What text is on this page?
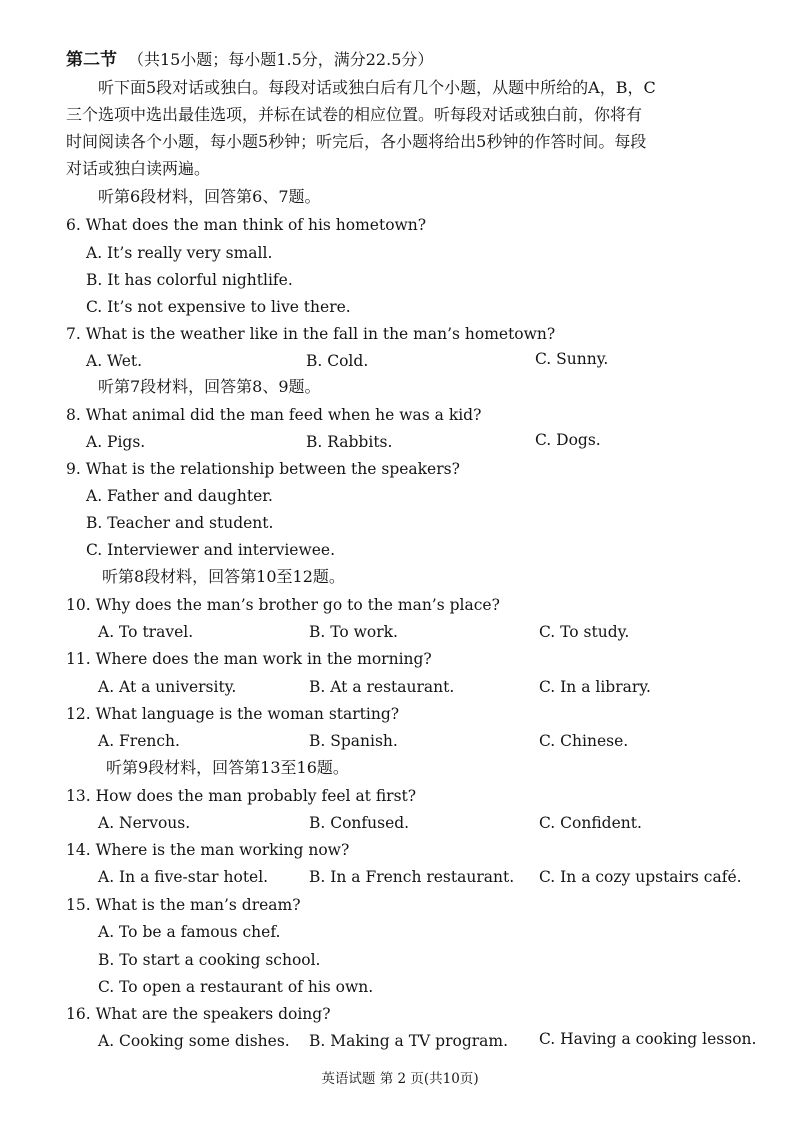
第二节 （共15小题；每小题1.5分，满分22.5分）
听下面5段对话或独白。每段对话或独白后有几个小题，从题中所给的A，B，C
三个选项中选出最佳选项，并标在试卷的相应位置。听每段对话或独白前，你将有
时间阅读各个小题，每小题5秒钟；听完后，各小题将给出5秒钟的作答时间。每段
对话或独白读两遍。
听第6段材料，回答第6、7题。
6. What does the man think of his hometown?
A. It’s really very small.
B. It has colorful nightlife.
C. It’s not expensive to live there.
7. What is the weather like in the fall in the man’s hometown?
A. Wet.	B. Cold.	C. Sunny.
听第7段材料，回答第8、9题。
8. What animal did the man feed when he was a kid?
A. Pigs.	B. Rabbits.	C. Dogs.
9. What is the relationship between the speakers?
A. Father and daughter.
B. Teacher and student.
C. Interviewer and interviewee.
听第8段材料，回答第10至12题。
10. Why does the man’s brother go to the man’s place?
A. To travel.	B. To work.	C. To study.
11. Where does the man work in the morning?
A. At a university.	B. At a restaurant.	C. In a library.
12. What language is the woman starting?
A. French.	B. Spanish.	C. Chinese.
听第9段材料，回答第13至16题。
13. How does the man probably feel at first?
A. Nervous.	B. Confused.	C. Confident.
14. Where is the man working now?
A. In a five-star hotel.	B. In a French restaurant. C. In a cozy upstairs café.
15. What is the man’s dream?
A. To be a famous chef.
B. To start a cooking school.
C. To open a restaurant of his own.
16. What are the speakers doing?
A. Cooking some dishes. B. Making a TV program. C. Having a cooking lesson.
英语试题 第 2 页(共10页)
